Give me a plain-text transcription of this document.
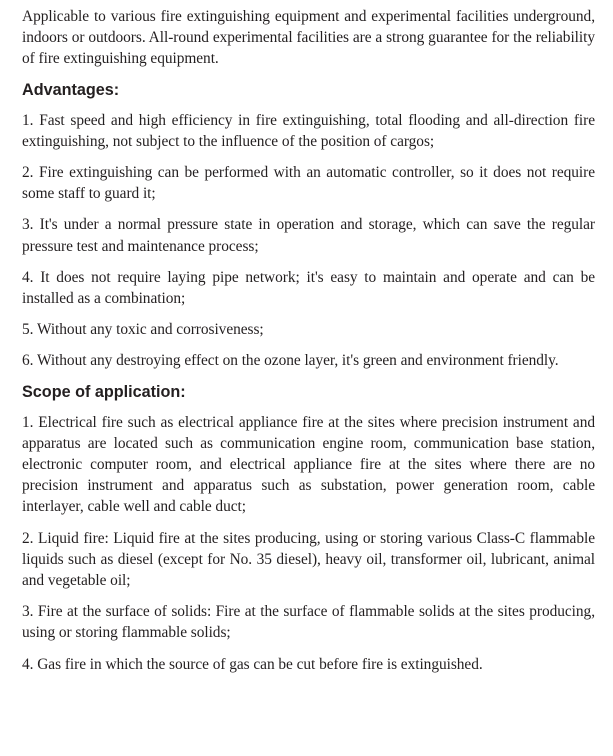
Applicable to various fire extinguishing equipment and experimental facilities underground, indoors or outdoors. All-round experimental facilities are a strong guarantee for the reliability of fire extinguishing equipment.

Advantages:

1. Fast speed and high efficiency in fire extinguishing, total flooding and all-direction fire extinguishing, not subject to the influence of the position of cargos;

2. Fire extinguishing can be performed with an automatic controller, so it does not require some staff to guard it;

3. It's under a normal pressure state in operation and storage, which can save the regular pressure test and maintenance process;

4. It does not require laying pipe network; it's easy to maintain and operate and can be installed as a combination;

5. Without any toxic and corrosiveness;

6. Without any destroying effect on the ozone layer, it's green and environment friendly.

Scope of application:

1. Electrical fire such as electrical appliance fire at the sites where precision instrument and apparatus are located such as communication engine room, communication base station, electronic computer room, and electrical appliance fire at the sites where there are no precision instrument and apparatus such as substation, power generation room, cable interlayer, cable well and cable duct;

2. Liquid fire: Liquid fire at the sites producing, using or storing various Class-C flammable liquids such as diesel (except for No. 35 diesel), heavy oil, transformer oil, lubricant, animal and vegetable oil;

3. Fire at the surface of solids: Fire at the surface of flammable solids at the sites producing, using or storing flammable solids;

4. Gas fire in which the source of gas can be cut before fire is extinguished.
